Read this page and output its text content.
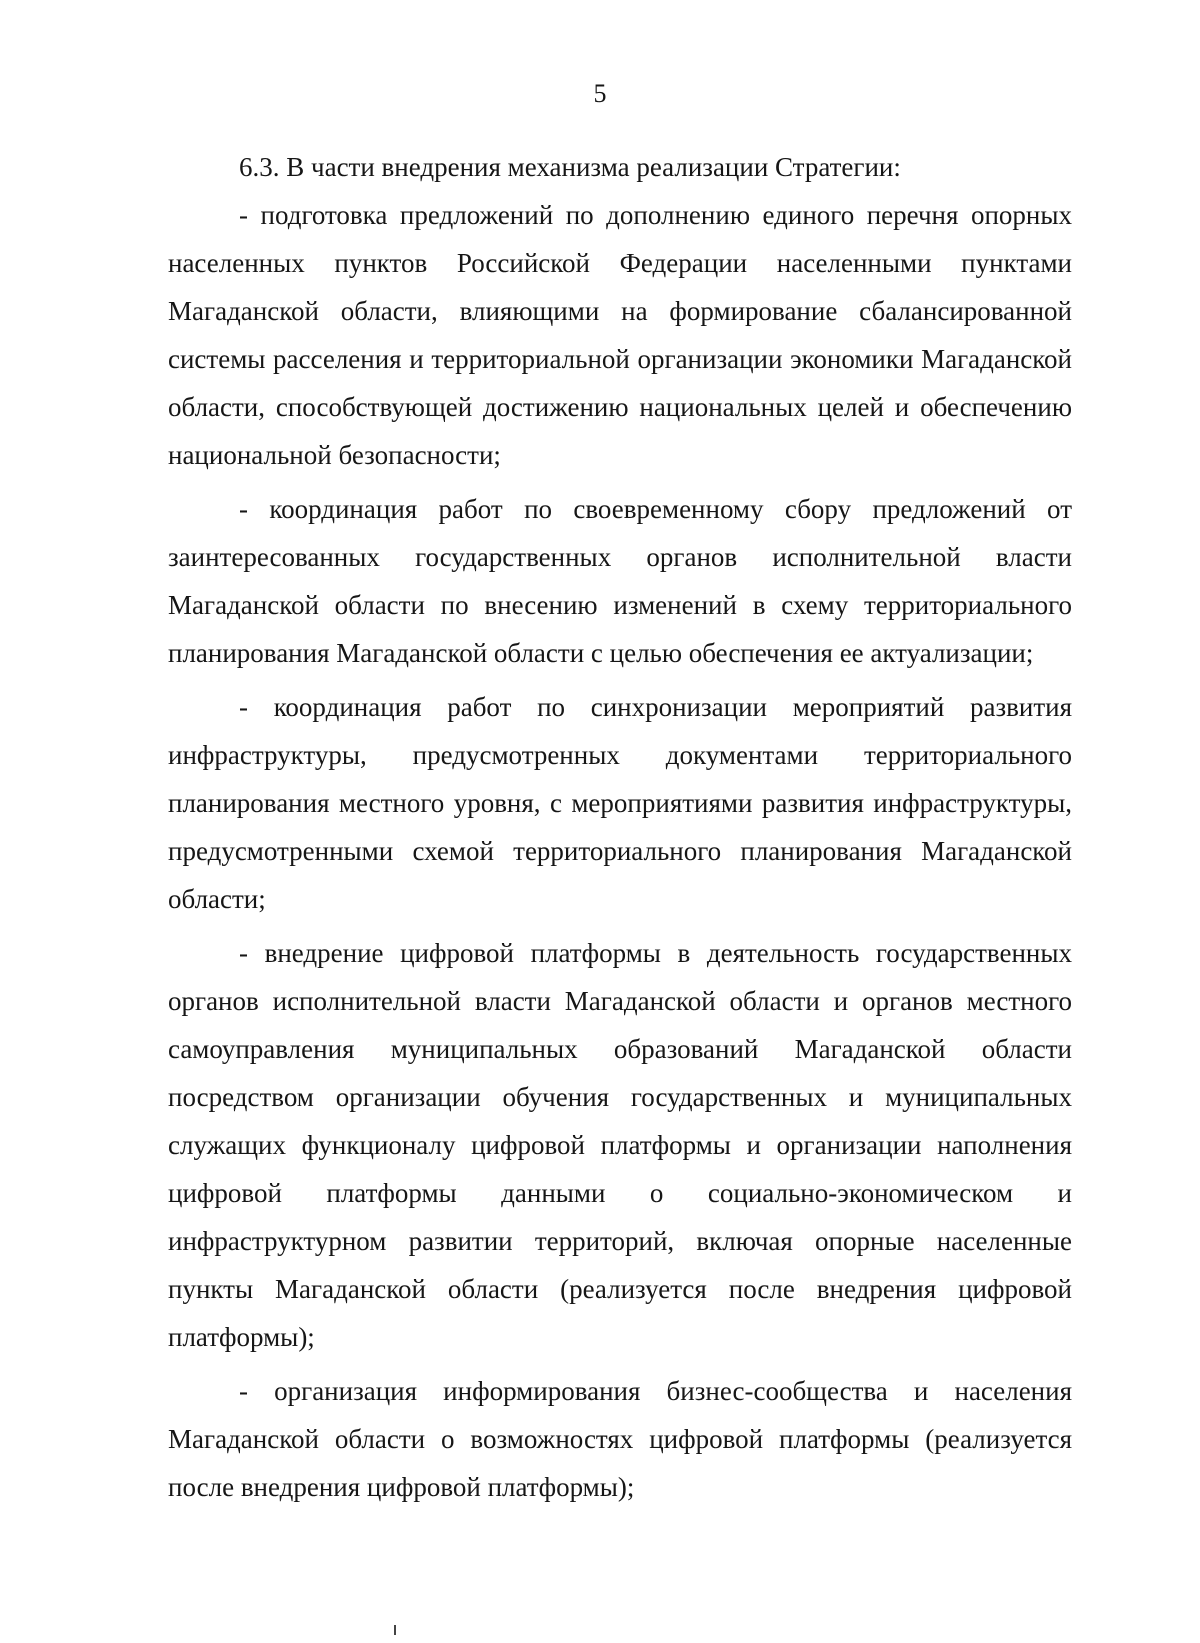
5

6.3. В части внедрения механизма реализации Стратегии:

- подготовка предложений по дополнению единого перечня опорных населенных пунктов Российской Федерации населенными пунктами Магаданской области, влияющими на формирование сбалансированной системы расселения и территориальной организации экономики Магаданской области, способствующей достижению национальных целей и обеспечению национальной безопасности;

- координация работ по своевременному сбору предложений от заинтересованных государственных органов исполнительной власти Магаданской области по внесению изменений в схему территориального планирования Магаданской области с целью обеспечения ее актуализации;

- координация работ по синхронизации мероприятий развития инфраструктуры, предусмотренных документами территориального планирования местного уровня, с мероприятиями развития инфраструктуры, предусмотренными схемой территориального планирования Магаданской области;

- внедрение цифровой платформы в деятельность государственных органов исполнительной власти Магаданской области и органов местного самоуправления муниципальных образований Магаданской области посредством организации обучения государственных и муниципальных служащих функционалу цифровой платформы и организации наполнения цифровой платформы данными о социально-экономическом и инфраструктурном развитии территорий, включая опорные населенные пункты Магаданской области (реализуется после внедрения цифровой платформы);

- организация информирования бизнес-сообщества и населения Магаданской области о возможностях цифровой платформы (реализуется после внедрения цифровой платформы);
